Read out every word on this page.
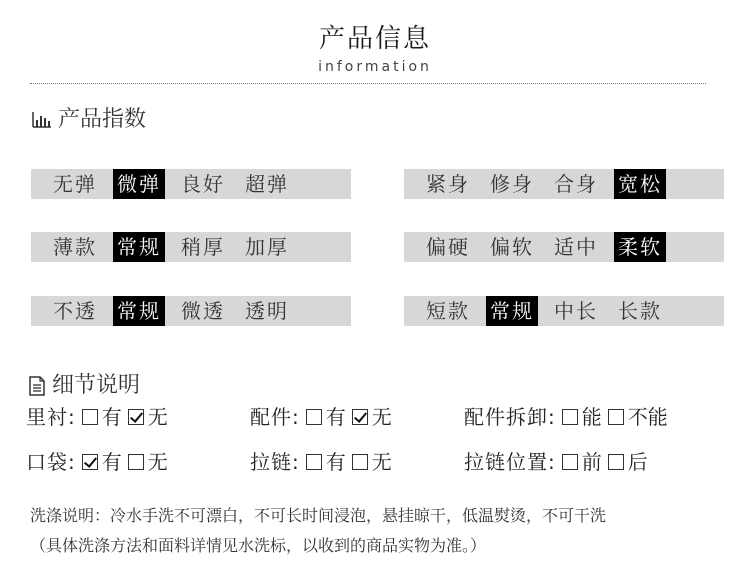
产品信息
information
产品指数
无弹 微弹 良好 超弹	紧身 修身 合身 宽松
薄款 常规 稍厚 加厚	偏硬 偏软 适中 柔软
不透 常规 微透 透明	短款 常规 中长 长款
细节说明
里衬: 有 无	配件: 有 无	配件拆卸: 能 不能
口袋: 有 无	拉链: 有 无	拉链位置: 前 后
洗涤说明：冷水手洗不可漂白，不可长时间浸泡，悬挂晾干，低温熨烫，不可干洗
（具体洗涤方法和面料详情见水洗标，以收到的商品实物为准。）
